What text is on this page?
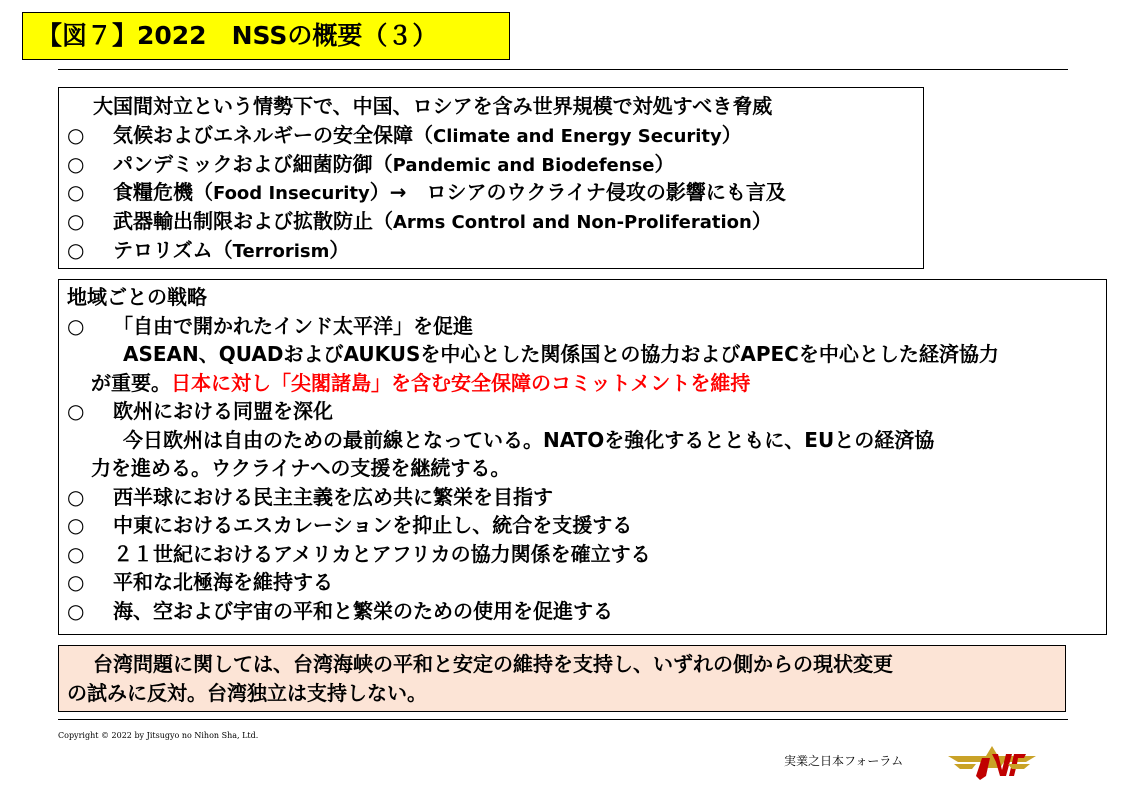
【図７】2022　NSSの概要（３）
大国間対立という情勢下で、中国、ロシアを含み世界規模で対処すべき脅威
○ 気候およびエネルギーの安全保障（Climate and Energy Security）
○ パンデミックおよび細菌防御（Pandemic and Biodefense）
○ 食糧危機（Food Insecurity）→　ロシアのウクライナ侵攻の影響にも言及
○ 武器輸出制限および拡散防止（Arms Control and Non-Proliferation）
○ テロリズム（Terrorism）
地域ごとの戦略
○ 「自由で開かれたインド太平洋」を促進
ASEAN、QUADおよびAUKUSを中心とした関係国との協力およびAPECを中心とした経済協力
が重要。日本に対し「尖閣諸島」を含む安全保障のコミットメントを維持
○ 欧州における同盟を深化
今日欧州は自由のための最前線となっている。NATOを強化するとともに、EUとの経済協
力を進める。ウクライナへの支援を継続する。
○ 西半球における民主主義を広め共に繁栄を目指す
○ 中東におけるエスカレーションを抑止し、統合を支援する
○ ２１世紀におけるアメリカとアフリカの協力関係を確立する
○ 平和な北極海を維持する
○ 海、空および宇宙の平和と繁栄のための使用を促進する
台湾問題に関しては、台湾海峡の平和と安定の維持を支持し、いずれの側からの現状変更
の試みに反対。台湾独立は支持しない。
Copyright © 2022 by Jitsugyo no Nihon Sha, Ltd.
実業之日本フォーラム
